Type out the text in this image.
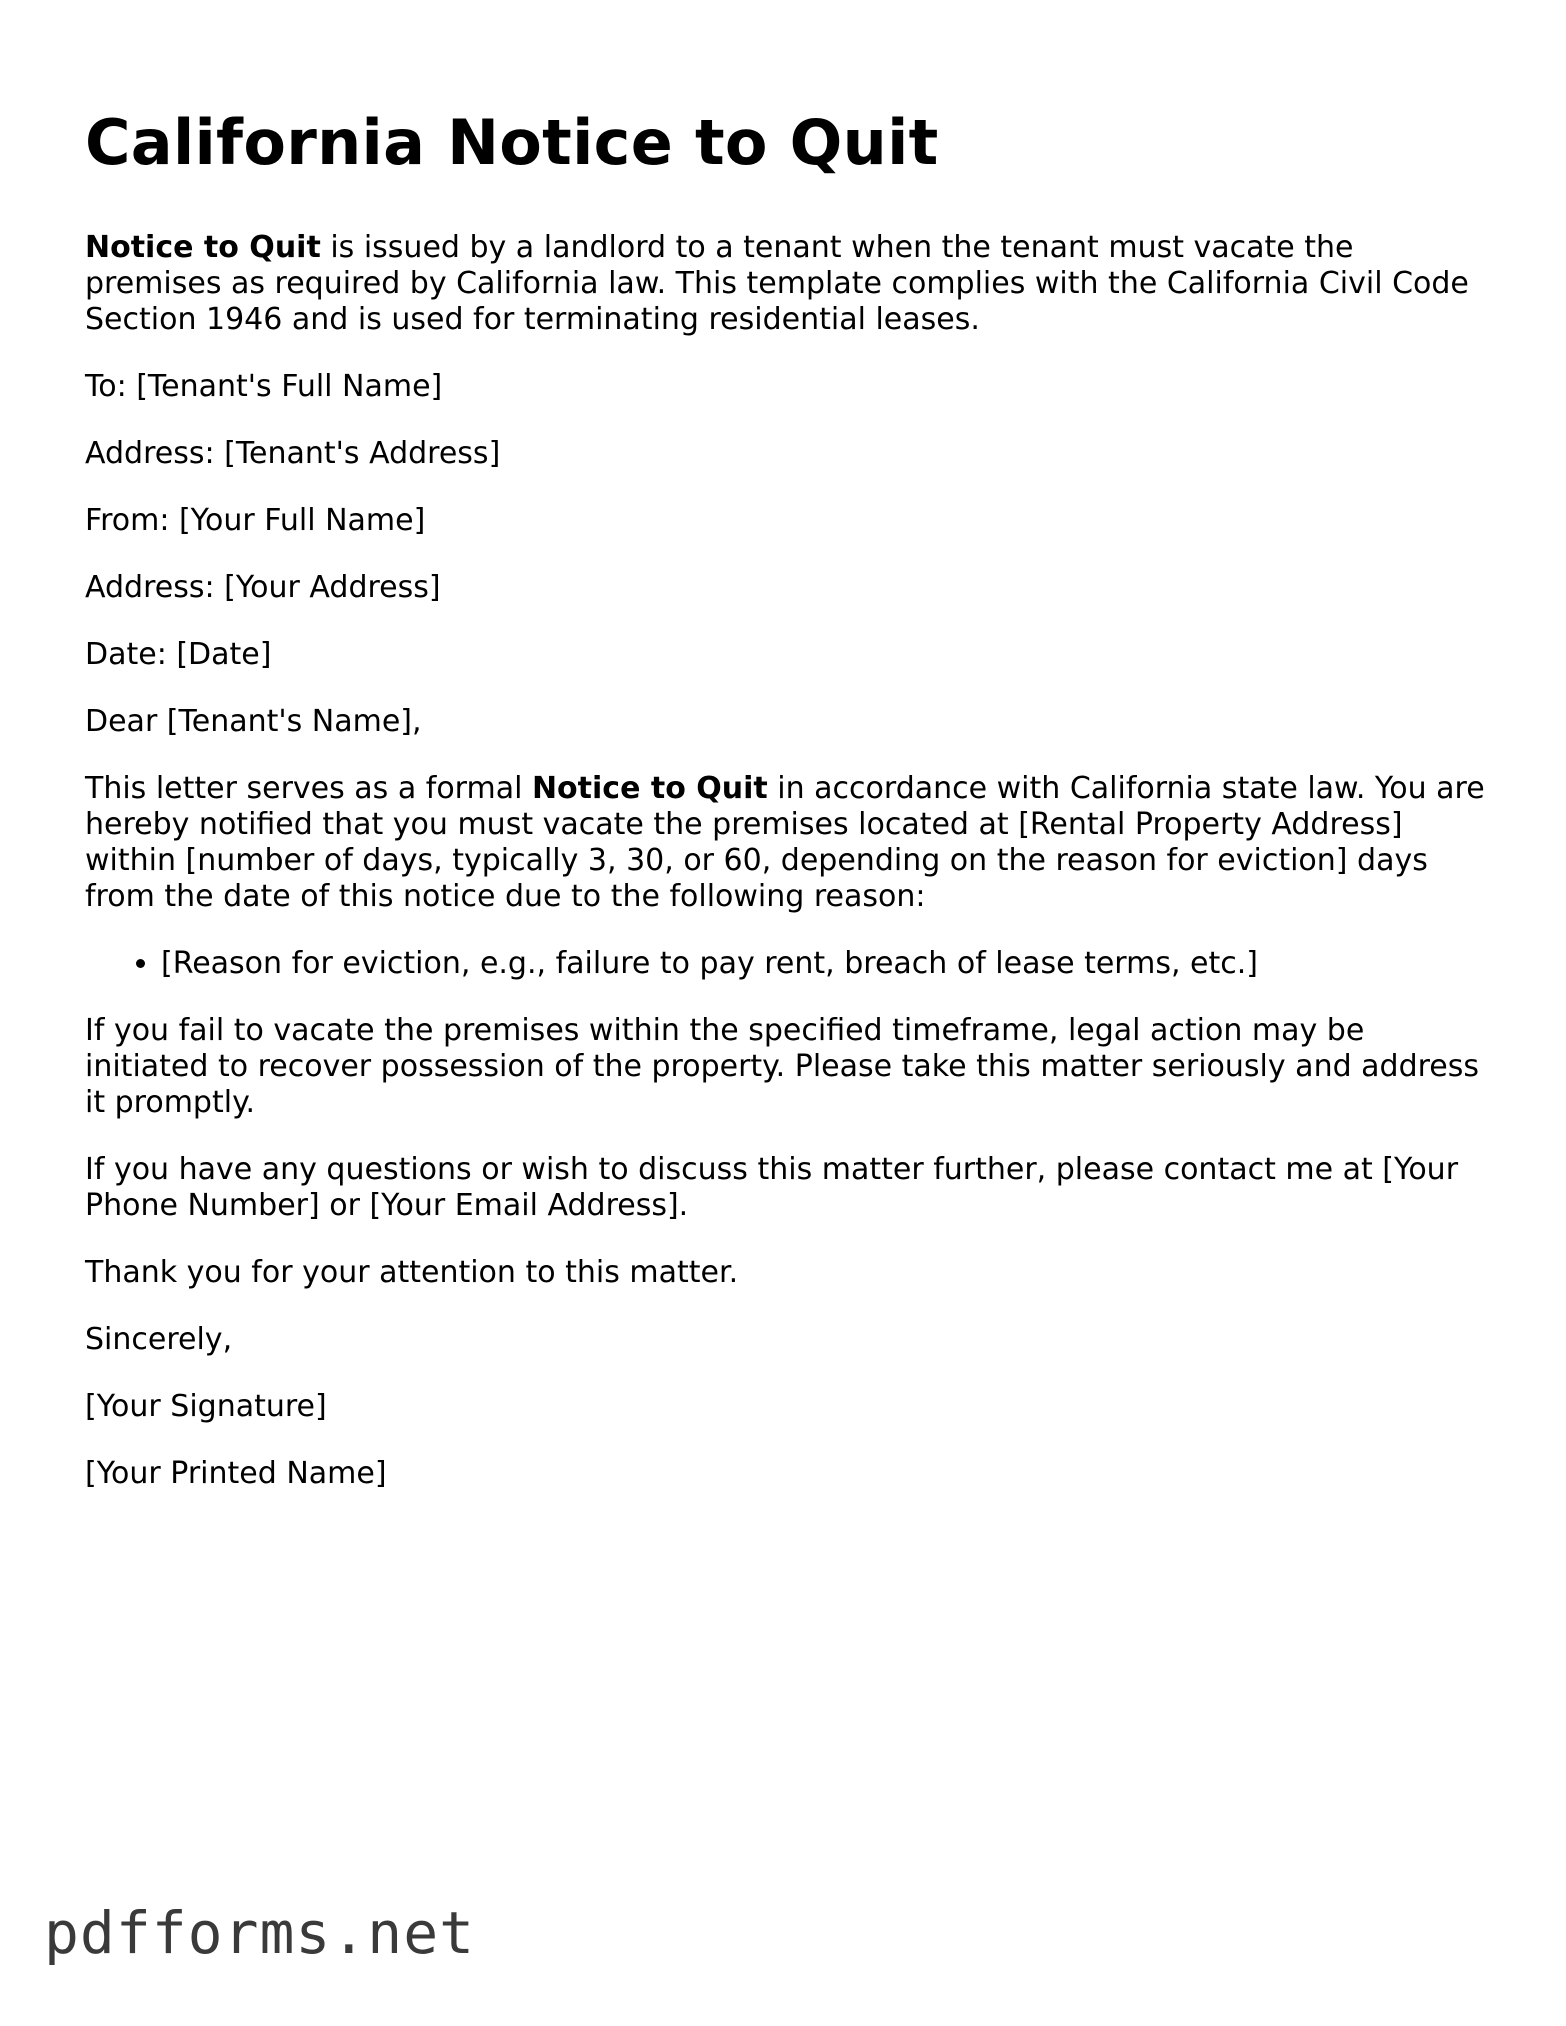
California Notice to Quit

Notice to Quit is issued by a landlord to a tenant when the tenant must vacate the premises as required by California law. This template complies with the California Civil Code Section 1946 and is used for terminating residential leases.

To: [Tenant's Full Name]

Address: [Tenant's Address]

From: [Your Full Name]

Address: [Your Address]

Date: [Date]

Dear [Tenant's Name],

This letter serves as a formal Notice to Quit in accordance with California state law. You are hereby notified that you must vacate the premises located at [Rental Property Address] within [number of days, typically 3, 30, or 60, depending on the reason for eviction] days from the date of this notice due to the following reason:

• [Reason for eviction, e.g., failure to pay rent, breach of lease terms, etc.]

If you fail to vacate the premises within the specified timeframe, legal action may be initiated to recover possession of the property. Please take this matter seriously and address it promptly.

If you have any questions or wish to discuss this matter further, please contact me at [Your Phone Number] or [Your Email Address].

Thank you for your attention to this matter.

Sincerely,

[Your Signature]

[Your Printed Name]

pdfforms.net
